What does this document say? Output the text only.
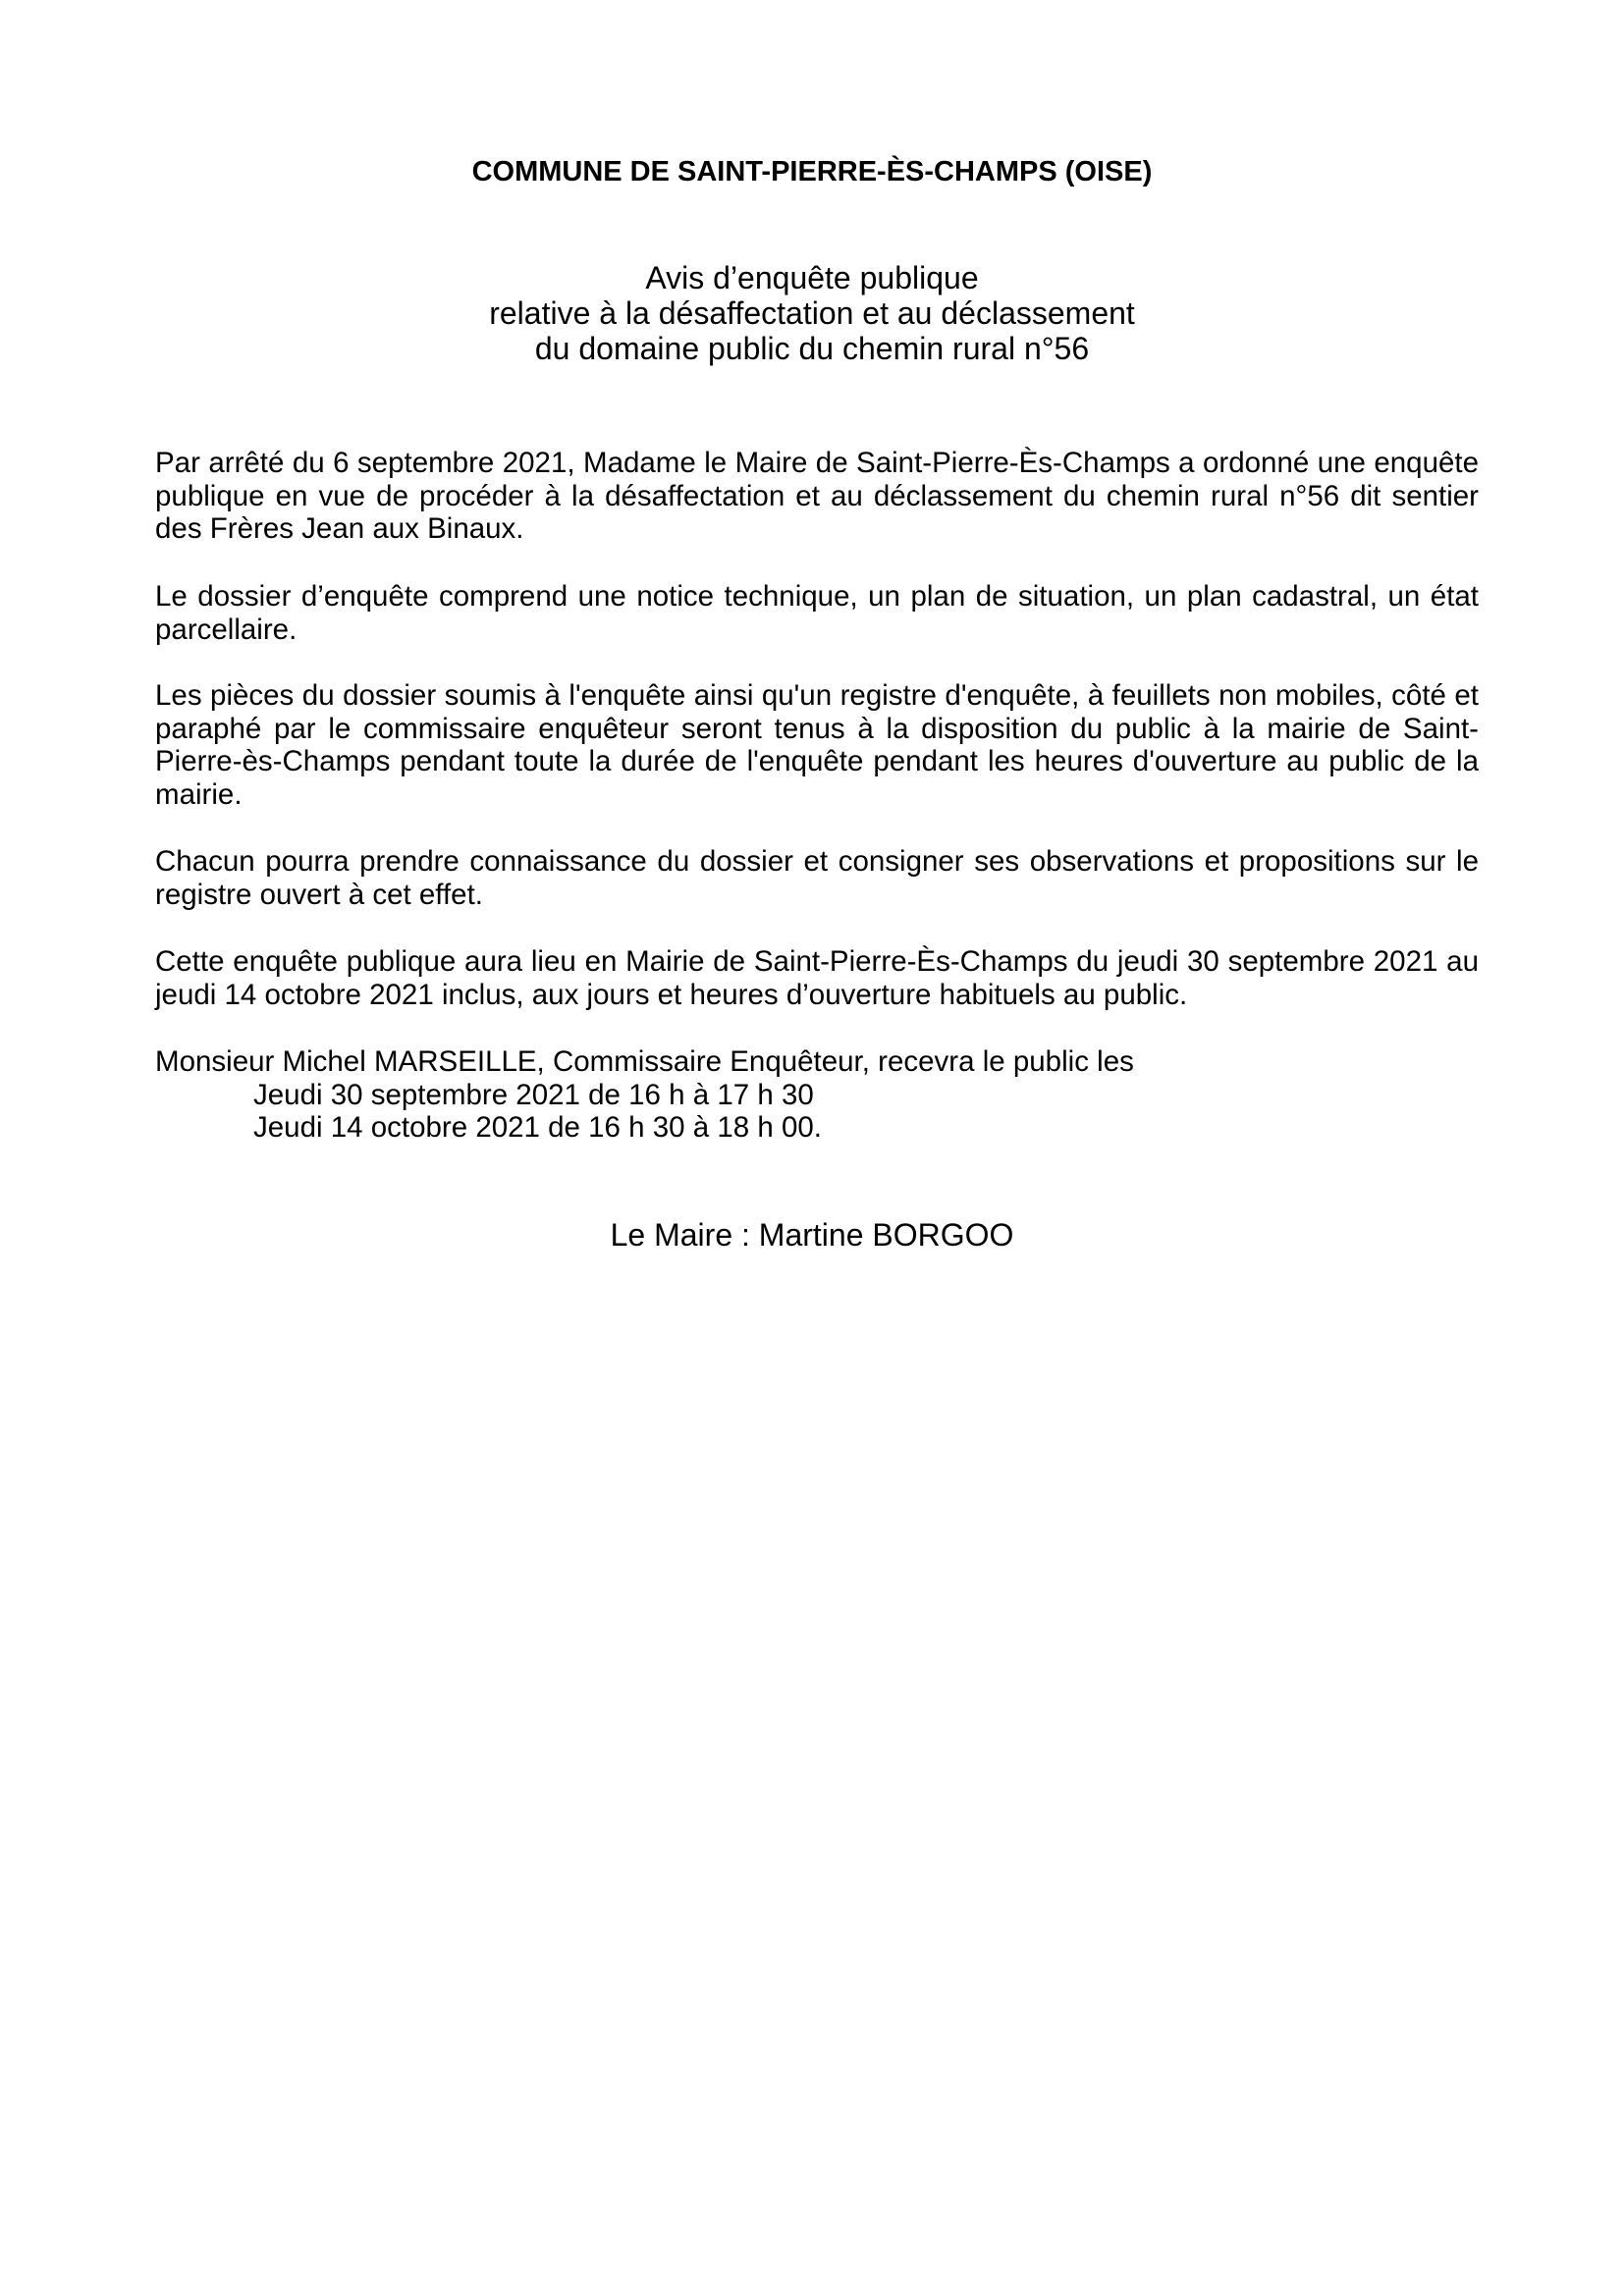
COMMUNE DE SAINT-PIERRE-ÈS-CHAMPS (OISE)
Avis d’enquête publique
relative à la désaffectation et au déclassement
du domaine public du chemin rural n°56

Par arrêté du 6 septembre 2021, Madame le Maire de Saint-Pierre-Ès-Champs a ordonné une enquête publique en vue de procéder à la désaffectation et au déclassement du chemin rural n°56 dit sentier des Frères Jean aux Binaux.

Le dossier d’enquête comprend une notice technique, un plan de situation, un plan cadastral, un état parcellaire.

Les pièces du dossier soumis à l'enquête ainsi qu'un registre d'enquête, à feuillets non mobiles, côté et paraphé par le commissaire enquêteur seront tenus à la disposition du public à la mairie de Saint-Pierre-ès-Champs pendant toute la durée de l'enquête pendant les heures d'ouverture au public de la mairie.

Chacun pourra prendre connaissance du dossier et consigner ses observations et propositions sur le registre ouvert à cet effet.

Cette enquête publique aura lieu en Mairie de Saint-Pierre-Ès-Champs du jeudi 30 septembre 2021 au jeudi 14 octobre 2021 inclus, aux jours et heures d’ouverture habituels au public.

Monsieur Michel MARSEILLE, Commissaire Enquêteur, recevra le public les
Jeudi 30 septembre 2021 de 16 h à 17 h 30
Jeudi 14 octobre 2021 de 16 h 30 à 18 h 00.
Le Maire : Martine BORGOO
